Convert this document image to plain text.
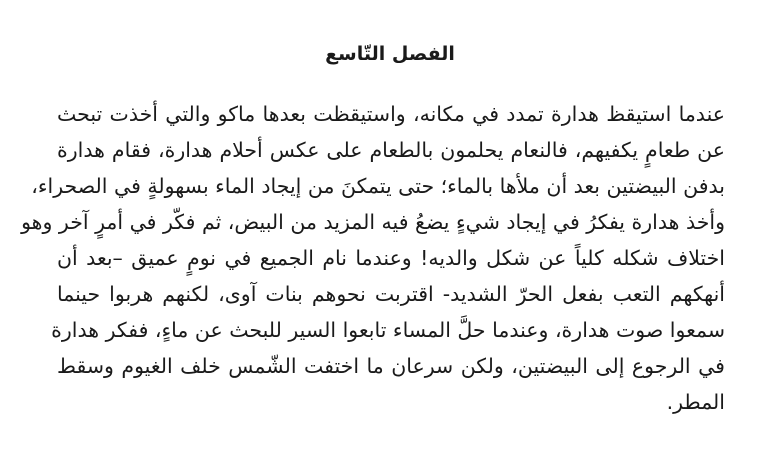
الفصل التّاسع
عندما استيقظ هدارة تمدد في مكانه، واستيقظت بعدها ماكو والتي أخذت تبحث
عن طعامٍ يكفيهم، فالنعام يحلمون بالطعام على عكس أحلام هدارة، فقام هدارة
بدفن البيضتين بعد أن ملأها بالماء؛ حتى يتمكنَ من إيجاد الماء بسهولةٍ في الصحراء،
وأخذ هدارة يفكرُ في إيجاد شيءٍ يضعُ فيه المزيد من البيض، ثم فكّر في أمرٍ آخر وهو
اختلاف شكله كلياً عن شكل والديه! وعندما نام الجميع في نومٍ عميق –بعد أن
أنهكهم التعب بفعل الحرّ الشديد- اقتربت نحوهم بنات آوى، لكنهم هربوا حينما
سمعوا صوت هدارة، وعندما حلَّ المساء تابعوا السير للبحث عن ماءٍ، ففكر هدارة
في الرجوع إلى البيضتين، ولكن سرعان ما اختفت الشّمس خلف الغيوم وسقط
المطر.
